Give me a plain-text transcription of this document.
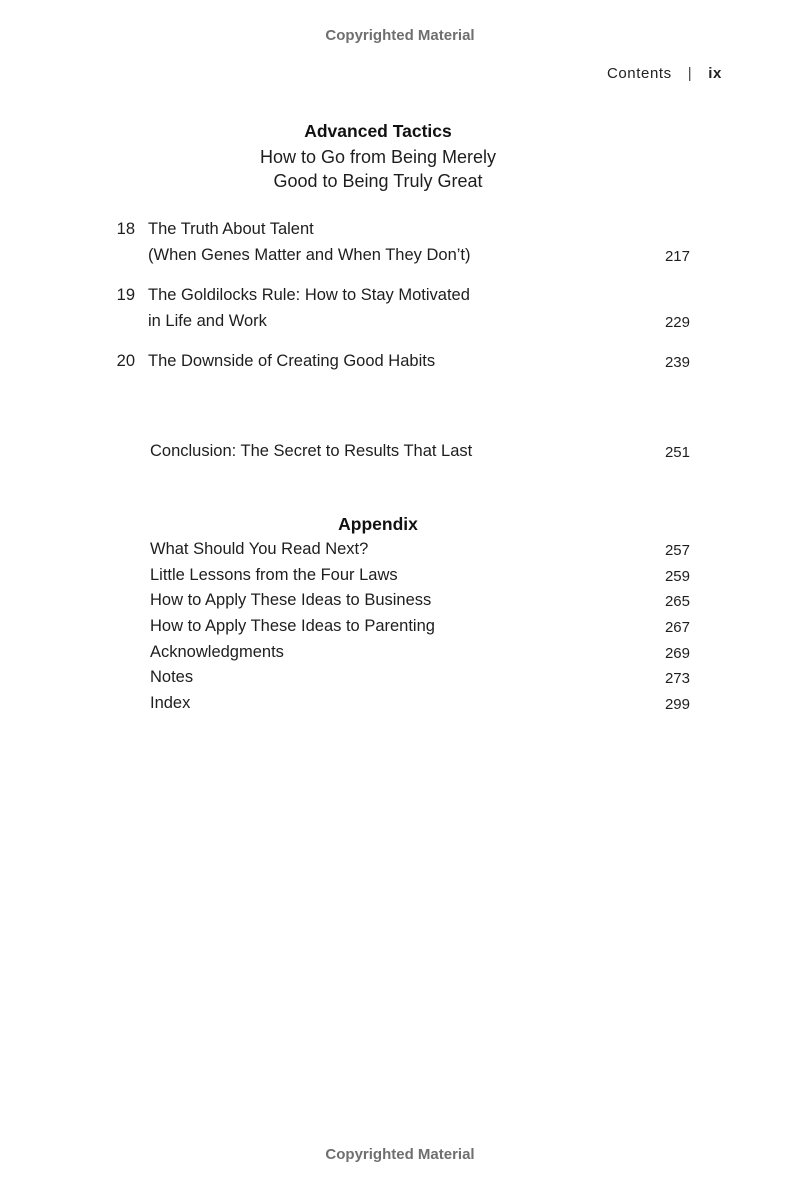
Copyrighted Material
Contents | ix
Advanced Tactics
How to Go from Being Merely
Good to Being Truly Great
18 The Truth About Talent
(When Genes Matter and When They Don’t)	217
19 The Goldilocks Rule: How to Stay Motivated
in Life and Work	229
20 The Downside of Creating Good Habits	239
Conclusion: The Secret to Results That Last	251
Appendix
What Should You Read Next?	257
Little Lessons from the Four Laws	259
How to Apply These Ideas to Business	265
How to Apply These Ideas to Parenting	267
Acknowledgments	269
Notes	273
Index	299
Copyrighted Material
